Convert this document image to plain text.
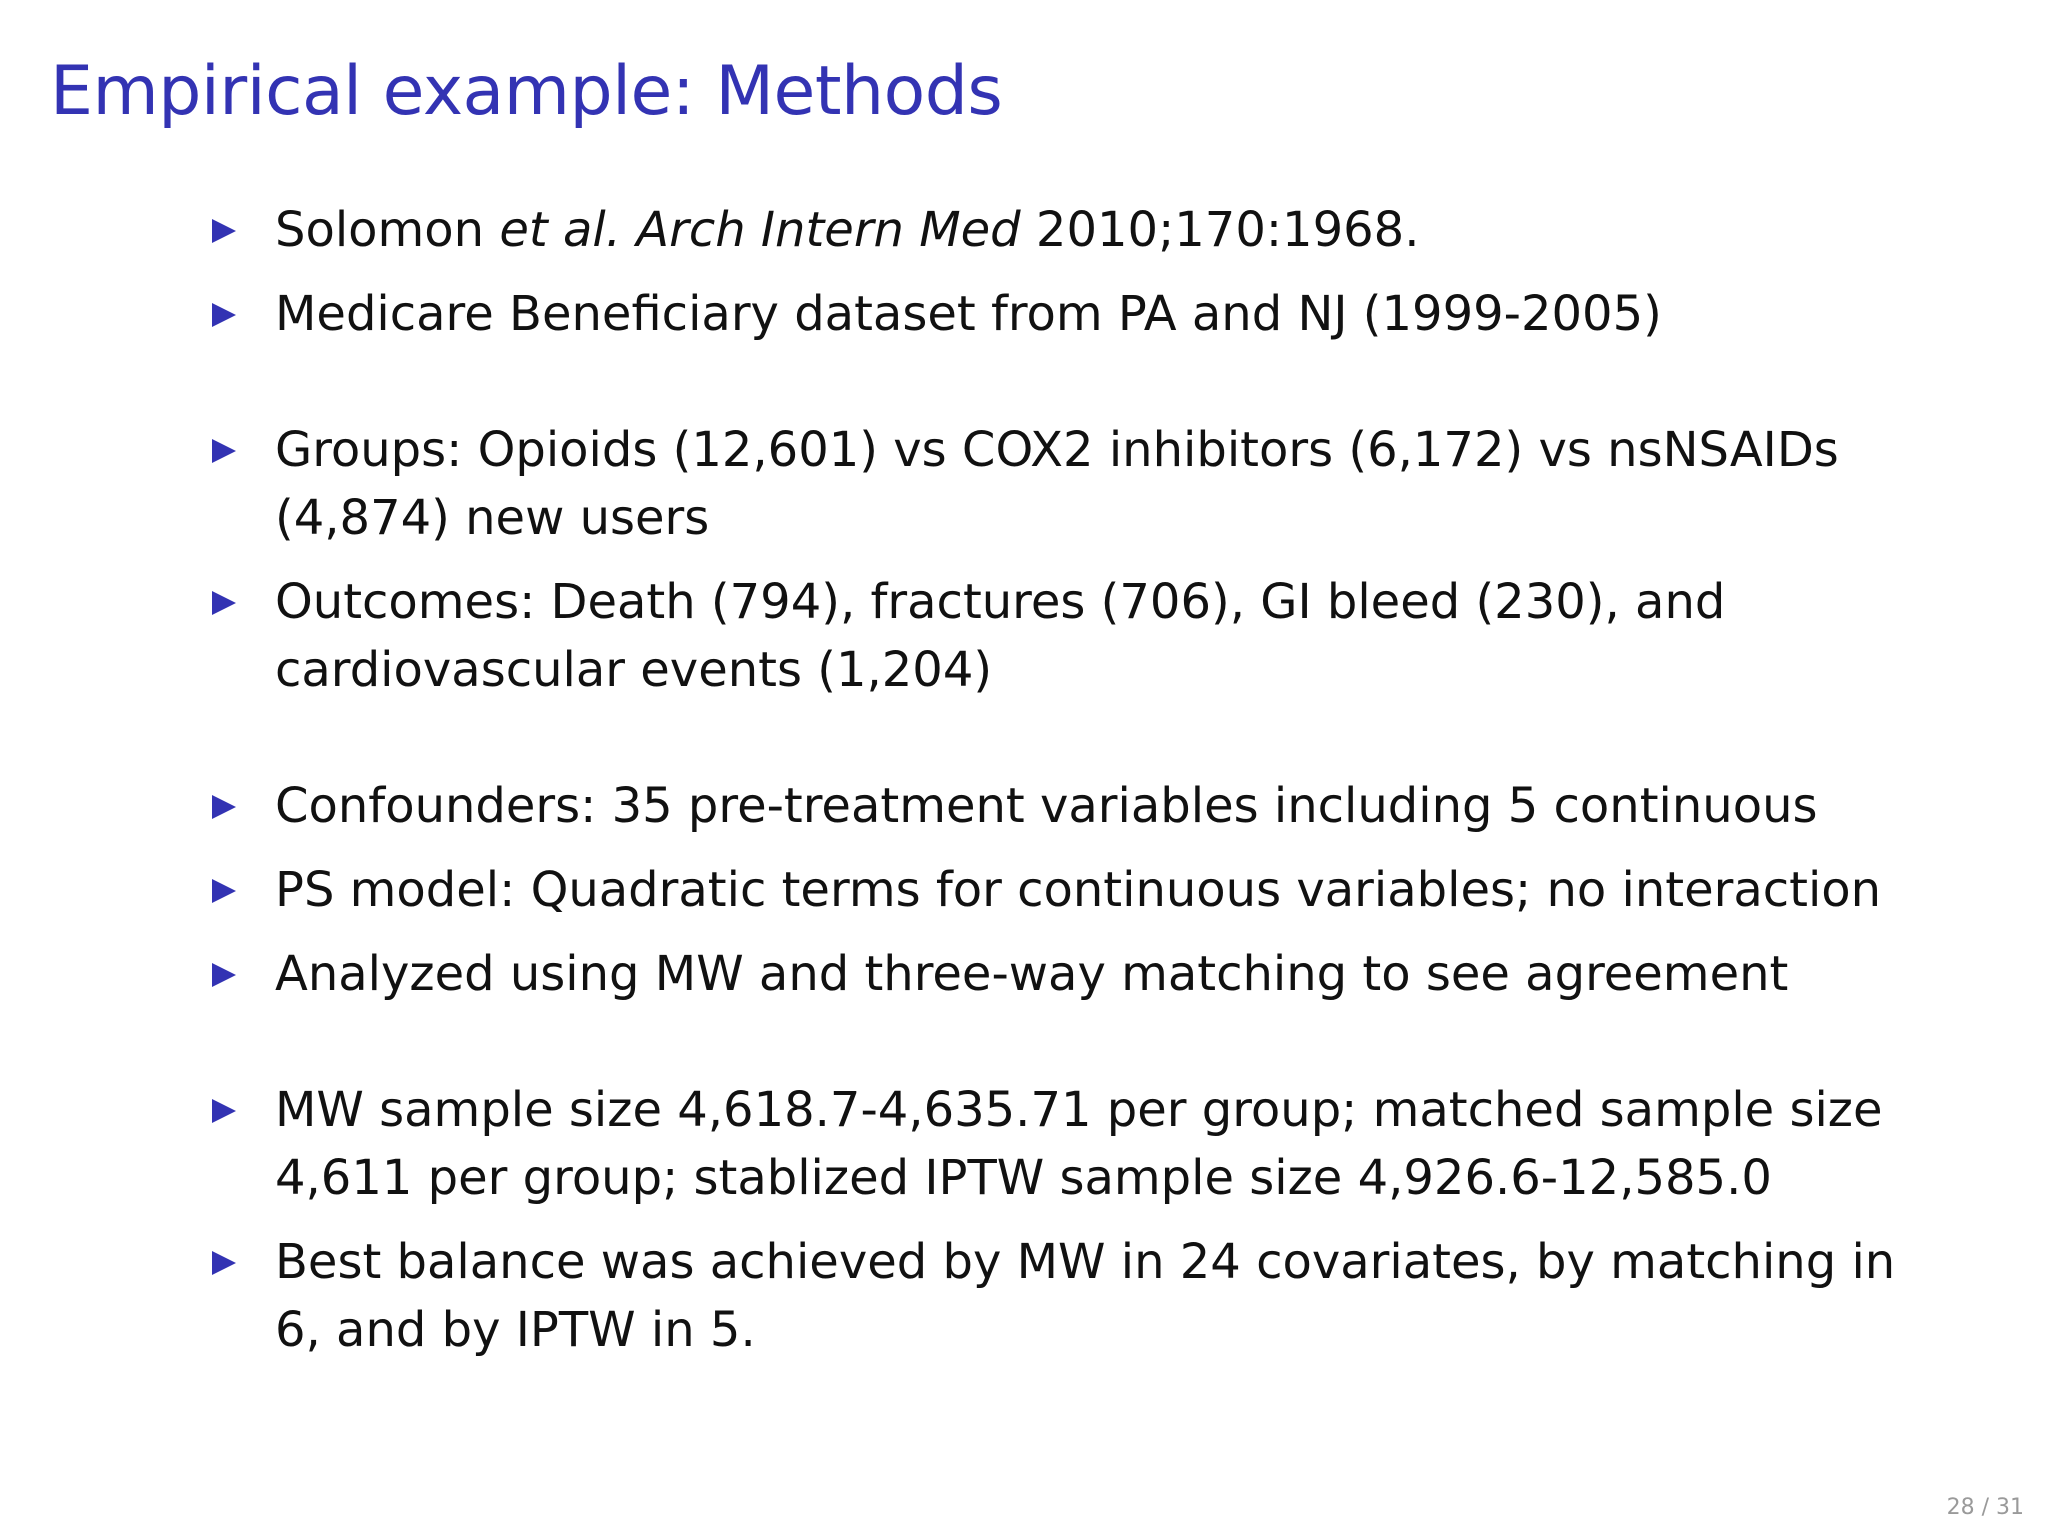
Empirical example: Methods
Solomon et al. Arch Intern Med 2010;170:1968.
Medicare Beneficiary dataset from PA and NJ (1999-2005)
Groups: Opioids (12,601) vs COX2 inhibitors (6,172) vs nsNSAIDs (4,874) new users
Outcomes: Death (794), fractures (706), GI bleed (230), and cardiovascular events (1,204)
Confounders: 35 pre-treatment variables including 5 continuous
PS model: Quadratic terms for continuous variables; no interaction
Analyzed using MW and three-way matching to see agreement
MW sample size 4,618.7-4,635.71 per group; matched sample size 4,611 per group; stablized IPTW sample size 4,926.6-12,585.0
Best balance was achieved by MW in 24 covariates, by matching in 6, and by IPTW in 5.
28 / 31
